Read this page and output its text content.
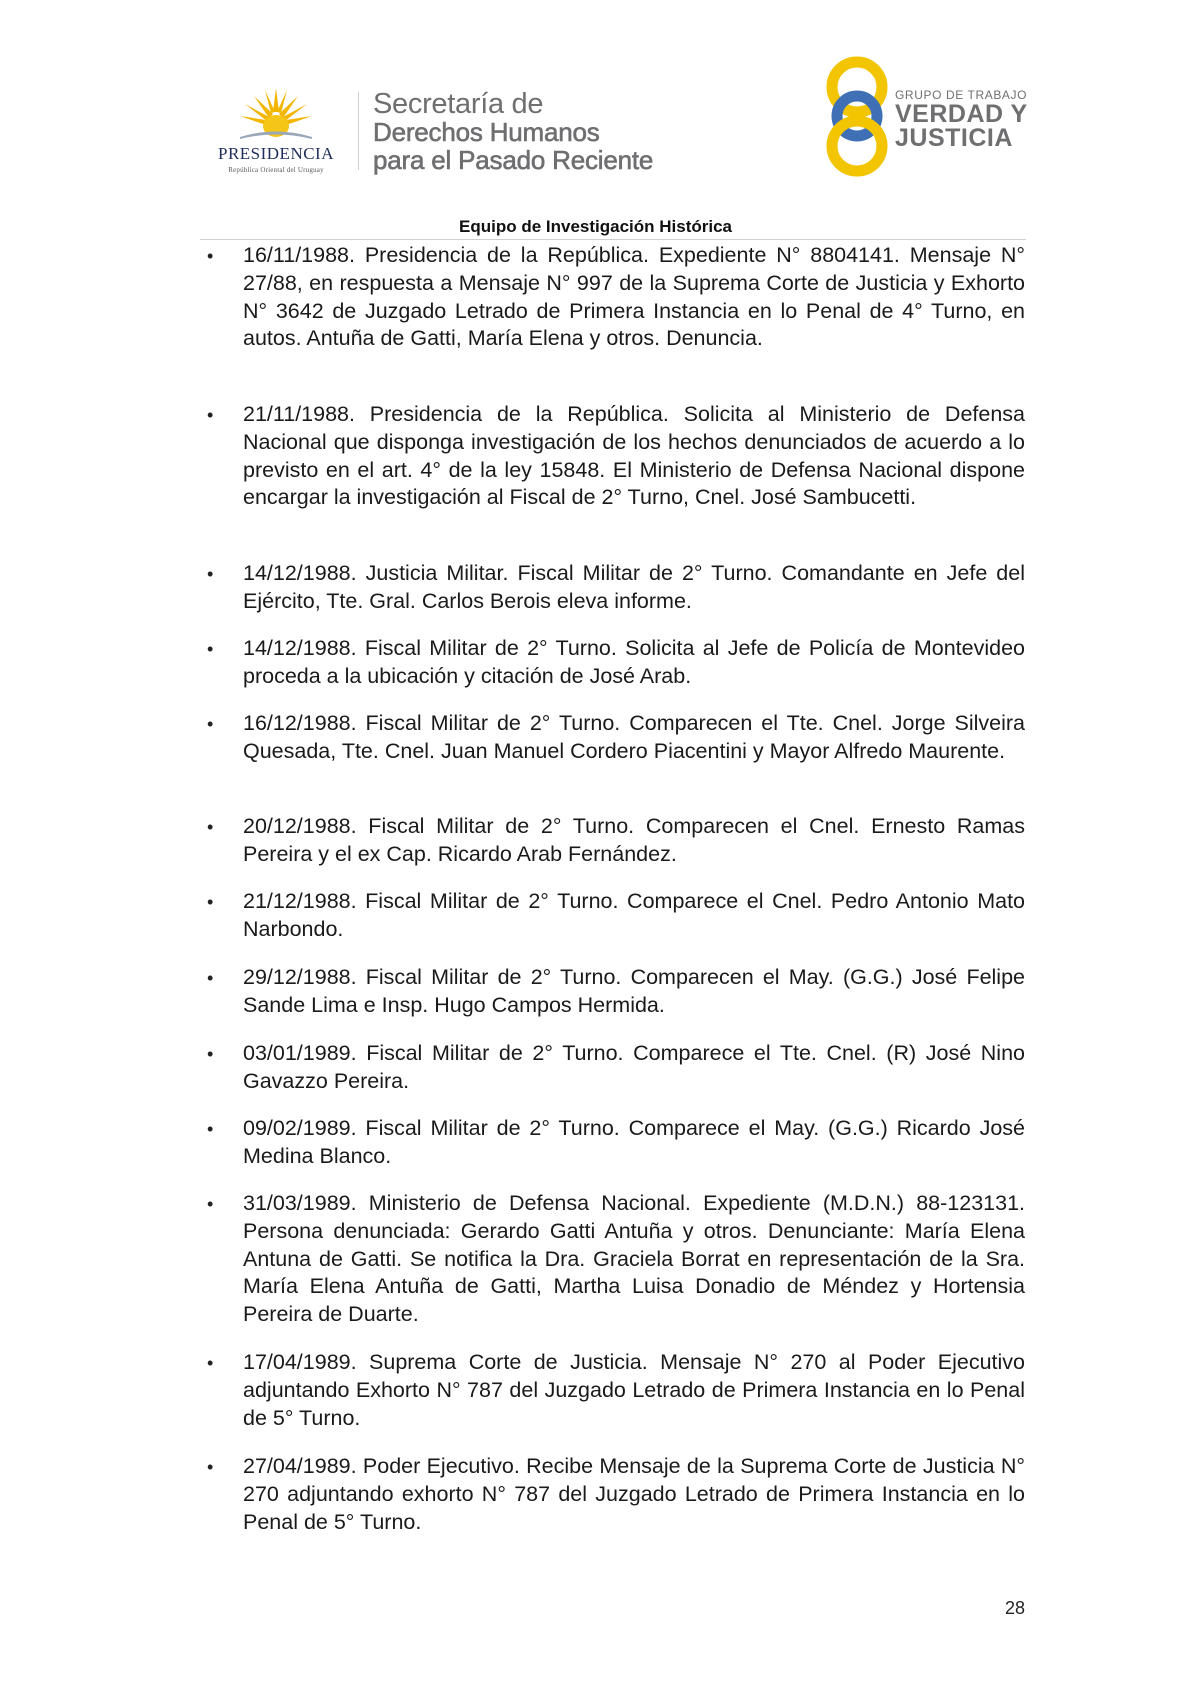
PRESIDENCIA
República Oriental del Uruguay
Secretaría de
Derechos Humanos
para el Pasado Reciente
GRUPO DE TRABAJO
VERDAD Y
JUSTICIA
Equipo de Investigación Histórica
• 16/11/1988. Presidencia de la República. Expediente N° 8804141. Mensaje N° 27/88, en respuesta a Mensaje N° 997 de la Suprema Corte de Justicia y Exhorto N° 3642 de Juzgado Letrado de Primera Instancia en lo Penal de 4° Turno, en autos. Antuña de Gatti, María Elena y otros. Denuncia.

• 21/11/1988. Presidencia de la República. Solicita al Ministerio de Defensa Nacional que disponga investigación de los hechos denunciados de acuerdo a lo previsto en el art. 4° de la ley 15848. El Ministerio de Defensa Nacional dispone encargar la investigación al Fiscal de 2° Turno, Cnel. José Sambucetti.

• 14/12/1988. Justicia Militar. Fiscal Militar de 2° Turno. Comandante en Jefe del Ejército, Tte. Gral. Carlos Berois eleva informe.

• 14/12/1988. Fiscal Militar de 2° Turno. Solicita al Jefe de Policía de Montevideo proceda a la ubicación y citación de José Arab.

• 16/12/1988. Fiscal Militar de 2° Turno. Comparecen el Tte. Cnel. Jorge Silveira Quesada, Tte. Cnel. Juan Manuel Cordero Piacentini y Mayor Alfredo Maurente.

• 20/12/1988. Fiscal Militar de 2° Turno. Comparecen el Cnel. Ernesto Ramas Pereira y el ex Cap. Ricardo Arab Fernández.

• 21/12/1988. Fiscal Militar de 2° Turno. Comparece el Cnel. Pedro Antonio Mato Narbondo.

• 29/12/1988. Fiscal Militar de 2° Turno. Comparecen el May. (G.G.) José Felipe Sande Lima e Insp. Hugo Campos Hermida.

• 03/01/1989. Fiscal Militar de 2° Turno. Comparece el Tte. Cnel. (R) José Nino Gavazzo Pereira.

• 09/02/1989. Fiscal Militar de 2° Turno. Comparece el May. (G.G.) Ricardo José Medina Blanco.

• 31/03/1989. Ministerio de Defensa Nacional. Expediente (M.D.N.) 88-123131. Persona denunciada: Gerardo Gatti Antuña y otros. Denunciante: María Elena Antuna de Gatti. Se notifica la Dra. Graciela Borrat en representación de la Sra. María Elena Antuña de Gatti, Martha Luisa Donadio de Méndez y Hortensia Pereira de Duarte.

• 17/04/1989. Suprema Corte de Justicia. Mensaje N° 270 al Poder Ejecutivo adjuntando Exhorto N° 787 del Juzgado Letrado de Primera Instancia en lo Penal de 5° Turno.

• 27/04/1989. Poder Ejecutivo. Recibe Mensaje de la Suprema Corte de Justicia N° 270 adjuntando exhorto N° 787 del Juzgado Letrado de Primera Instancia en lo Penal de 5° Turno.

28
